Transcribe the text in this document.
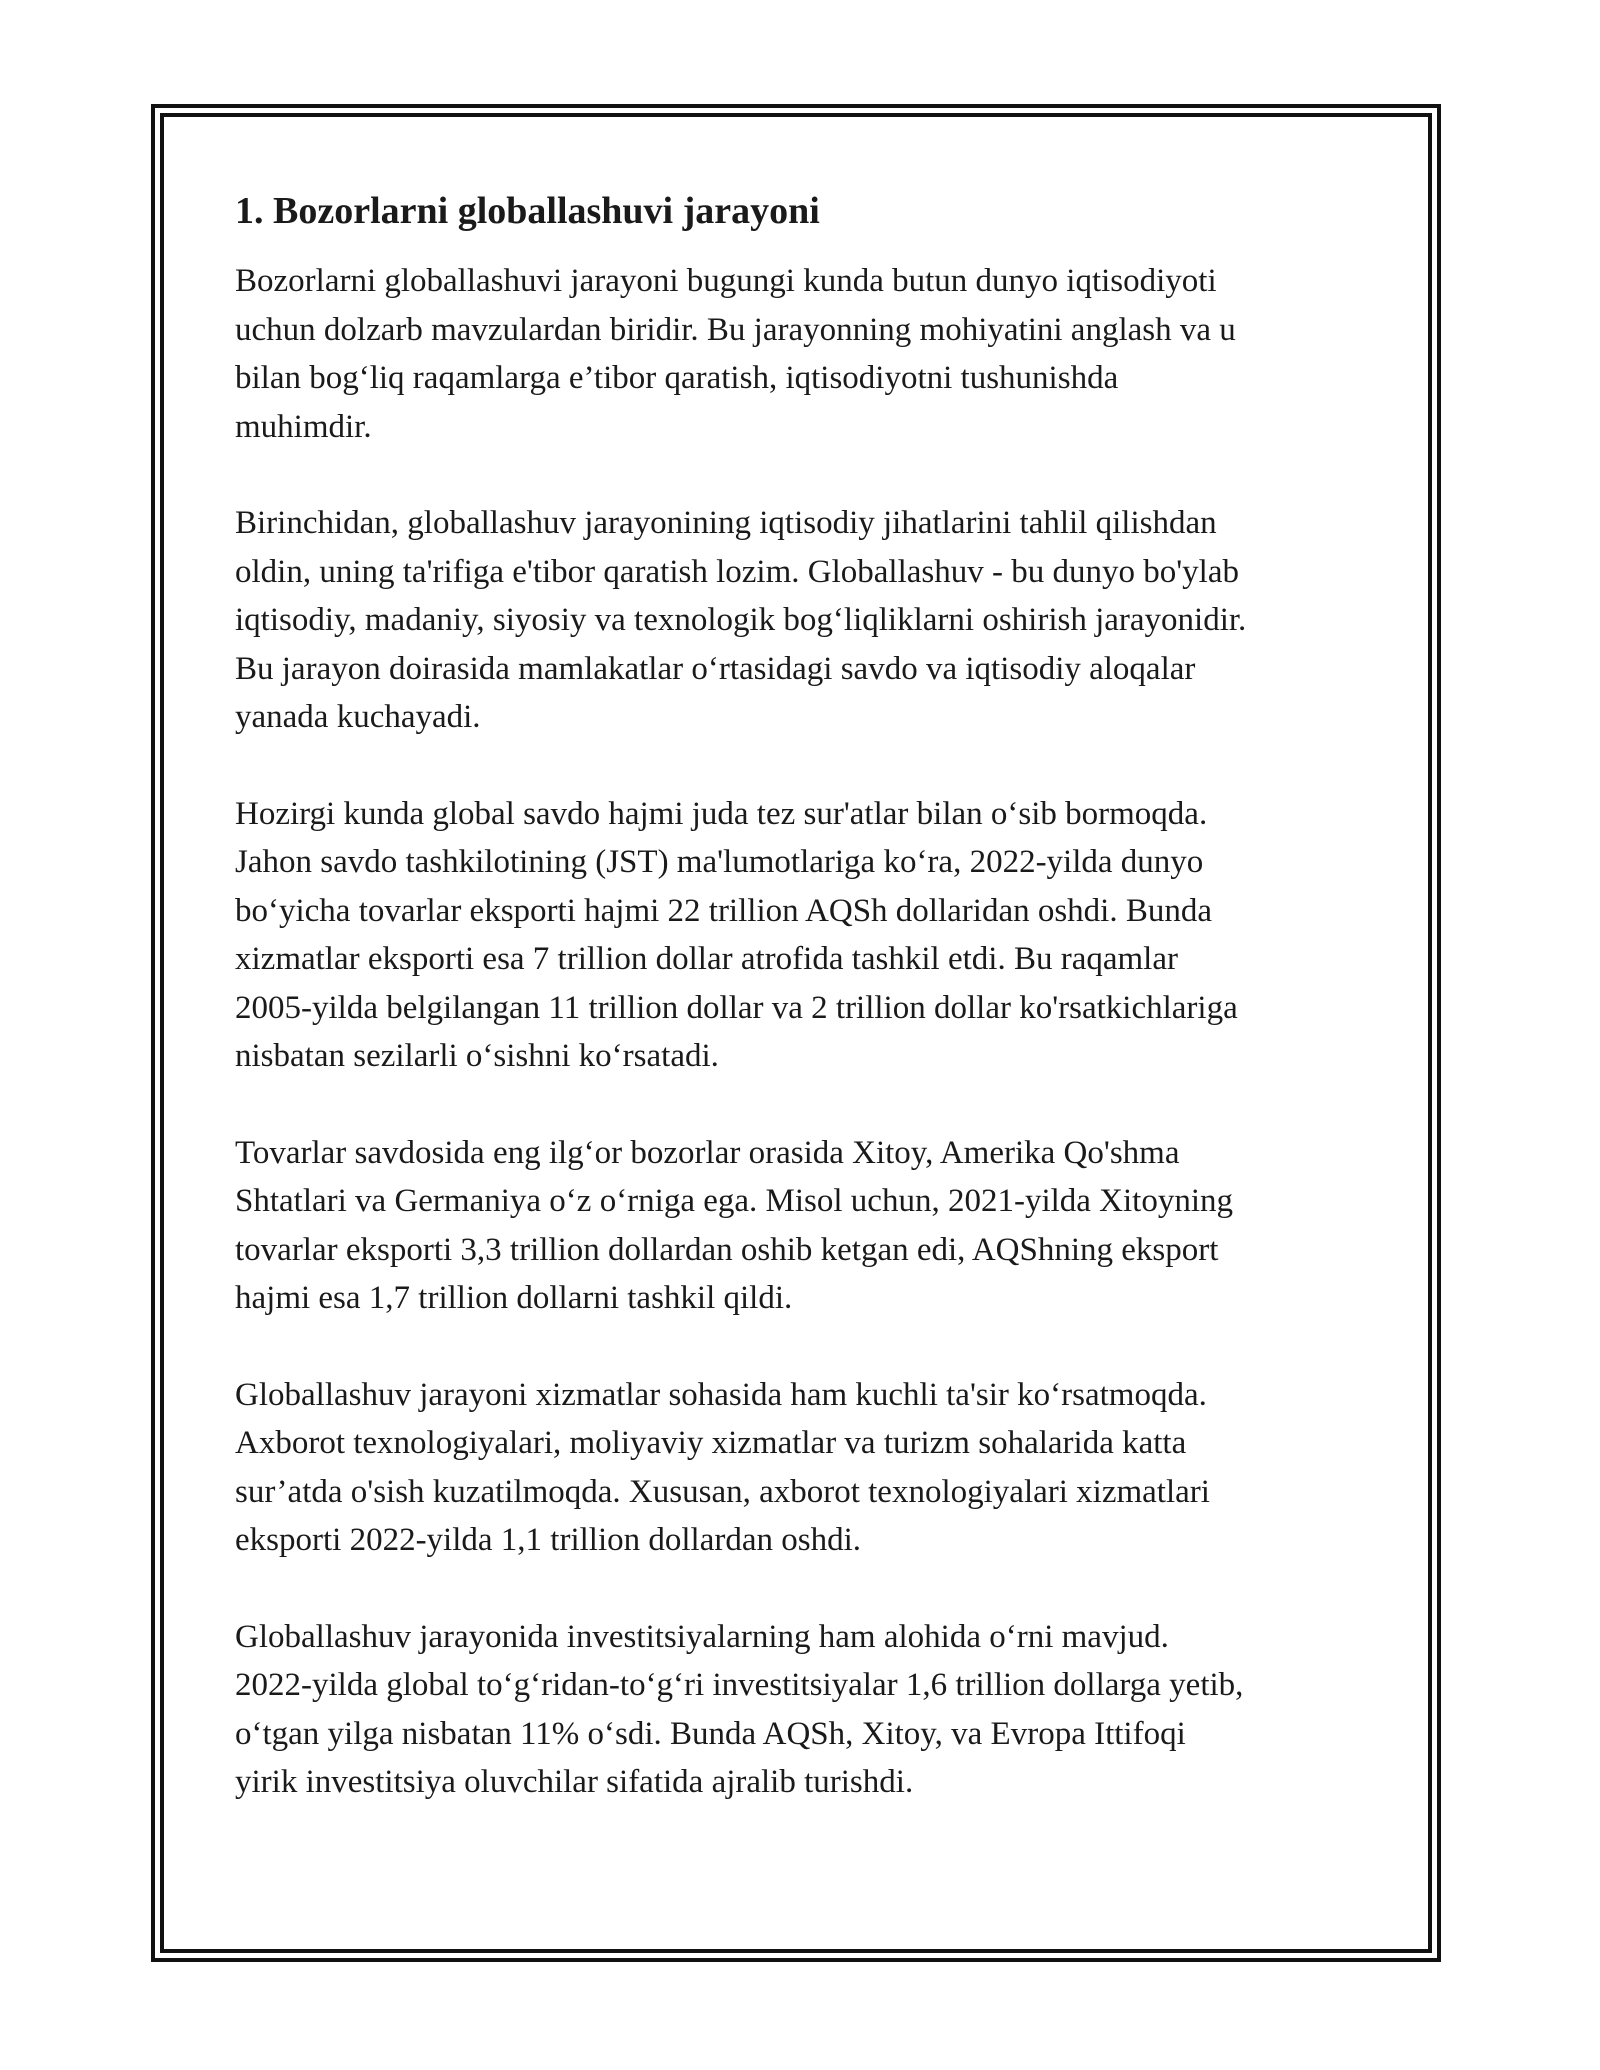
1. Bozorlarni globallashuvi jarayoni

Bozorlarni globallashuvi jarayoni bugungi kunda butun dunyo iqtisodiyoti
uchun dolzarb mavzulardan biridir. Bu jarayonning mohiyatini anglash va u
bilan bog‘liq raqamlarga e’tibor qaratish, iqtisodiyotni tushunishda
muhimdir.

Birinchidan, globallashuv jarayonining iqtisodiy jihatlarini tahlil qilishdan
oldin, uning ta'rifiga e'tibor qaratish lozim. Globallashuv - bu dunyo bo'ylab
iqtisodiy, madaniy, siyosiy va texnologik bog‘liqliklarni oshirish jarayonidir.
Bu jarayon doirasida mamlakatlar o‘rtasidagi savdo va iqtisodiy aloqalar
yanada kuchayadi.

Hozirgi kunda global savdo hajmi juda tez sur'atlar bilan o‘sib bormoqda.
Jahon savdo tashkilotining (JST) ma'lumotlariga ko‘ra, 2022-yilda dunyo
bo‘yicha tovarlar eksporti hajmi 22 trillion AQSh dollaridan oshdi. Bunda
xizmatlar eksporti esa 7 trillion dollar atrofida tashkil etdi. Bu raqamlar
2005-yilda belgilangan 11 trillion dollar va 2 trillion dollar ko'rsatkichlariga
nisbatan sezilarli o‘sishni ko‘rsatadi.

Tovarlar savdosida eng ilg‘or bozorlar orasida Xitoy, Amerika Qo'shma
Shtatlari va Germaniya o‘z o‘rniga ega. Misol uchun, 2021-yilda Xitoyning
tovarlar eksporti 3,3 trillion dollardan oshib ketgan edi, AQShning eksport
hajmi esa 1,7 trillion dollarni tashkil qildi.

Globallashuv jarayoni xizmatlar sohasida ham kuchli ta'sir ko‘rsatmoqda.
Axborot texnologiyalari, moliyaviy xizmatlar va turizm sohalarida katta
sur’atda o'sish kuzatilmoqda. Xususan, axborot texnologiyalari xizmatlari
eksporti 2022-yilda 1,1 trillion dollardan oshdi.

Globallashuv jarayonida investitsiyalarning ham alohida o‘rni mavjud.
2022-yilda global to‘g‘ridan-to‘g‘ri investitsiyalar 1,6 trillion dollarga yetib,
o‘tgan yilga nisbatan 11% o‘sdi. Bunda AQSh, Xitoy, va Evropa Ittifoqi
yirik investitsiya oluvchilar sifatida ajralib turishdi.
